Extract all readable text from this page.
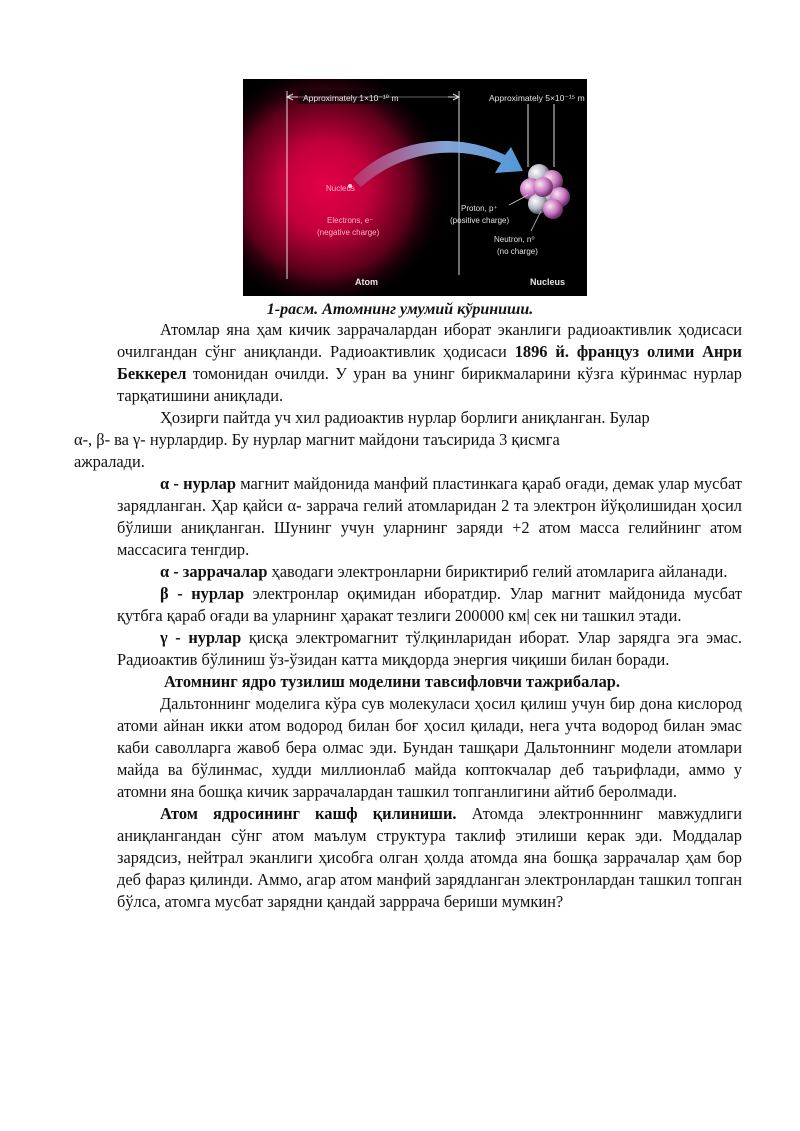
Approximately 1×10⁻¹⁰ m	Approximately 5×10⁻¹⁵ m
Nucleus
Electrons, e⁻
(negative charge)
Proton, p⁺
(positive charge)
Neutron, n⁰
(no charge)
Atom	Nucleus
1-расм. Атомнинг умумий кўриниши.

Атомлар яна ҳам кичик заррачалардан иборат эканлиги радиоактивлик ҳодисаси очилгандан сўнг аниқланди. Радиоактивлик ҳодисаси 1896 й. француз олими Анри Беккерел томонидан очилди. У уран ва унинг бирикмаларини кўзга кўринмас нурлар тарқатишини аниқлади.

Ҳозирги пайтда уч хил радиоактив нурлар борлиги аниқланган. Булар
α-, β- ва γ- нурлардир. Бу нурлар магнит майдони таъсирида 3 қисмга
ажралади.

α - нурлар магнит майдонида манфий пластинкага қараб оғади, демак улар мусбат зарядланган. Ҳар қайси α- заррача гелий атомларидан 2 та электрон йўқолишидан ҳосил бўлиши аниқланган. Шунинг учун уларнинг заряди +2 атом масса гелийнинг атом массасига тенгдир.

α - заррачалар ҳаводаги электронларни бириктириб гелий атомларига айланади.

β - нурлар электронлар оқимидан иборатдир. Улар магнит майдонида мусбат қутбга қараб оғади ва уларнинг ҳаракат тезлиги 200000 км| сек ни ташкил этади.

γ - нурлар қисқа электромагнит тўлқинларидан иборат. Улар зарядга эга эмас. Радиоактив бўлиниш ўз-ўзидан катта миқдорда энергия чиқиши билан боради.

Атомнинг ядро тузилиш моделини тавсифловчи тажрибалар.

Дальтоннинг моделига кўра сув молекуласи ҳосил қилиш учун бир дона кислород атоми айнан икки атом водород билан боғ ҳосил қилади, нега учта водород билан эмас каби саволларга жавоб бера олмас эди. Бундан ташқари Дальтоннинг модели атомлари майда ва бўлинмас, худди миллионлаб майда коптокчалар деб таърифлади, аммо у атомни яна бошқа кичик заррачалардан ташкил топганлигини айтиб беролмади.

Атом ядросининг кашф қилиниши. Атомда электронннинг мавжудлиги аниқлангандан сўнг атом маълум структура таклиф этилиши керак эди. Моддалар зарядсиз, нейтрал эканлиги ҳисобга олган ҳолда атомда яна бошқа заррачалар ҳам бор деб фараз қилинди. Аммо, агар атом манфий зарядланган электронлардан ташкил топган бўлса, атомга мусбат зарядни қандай зарррача бериши мумкин?
